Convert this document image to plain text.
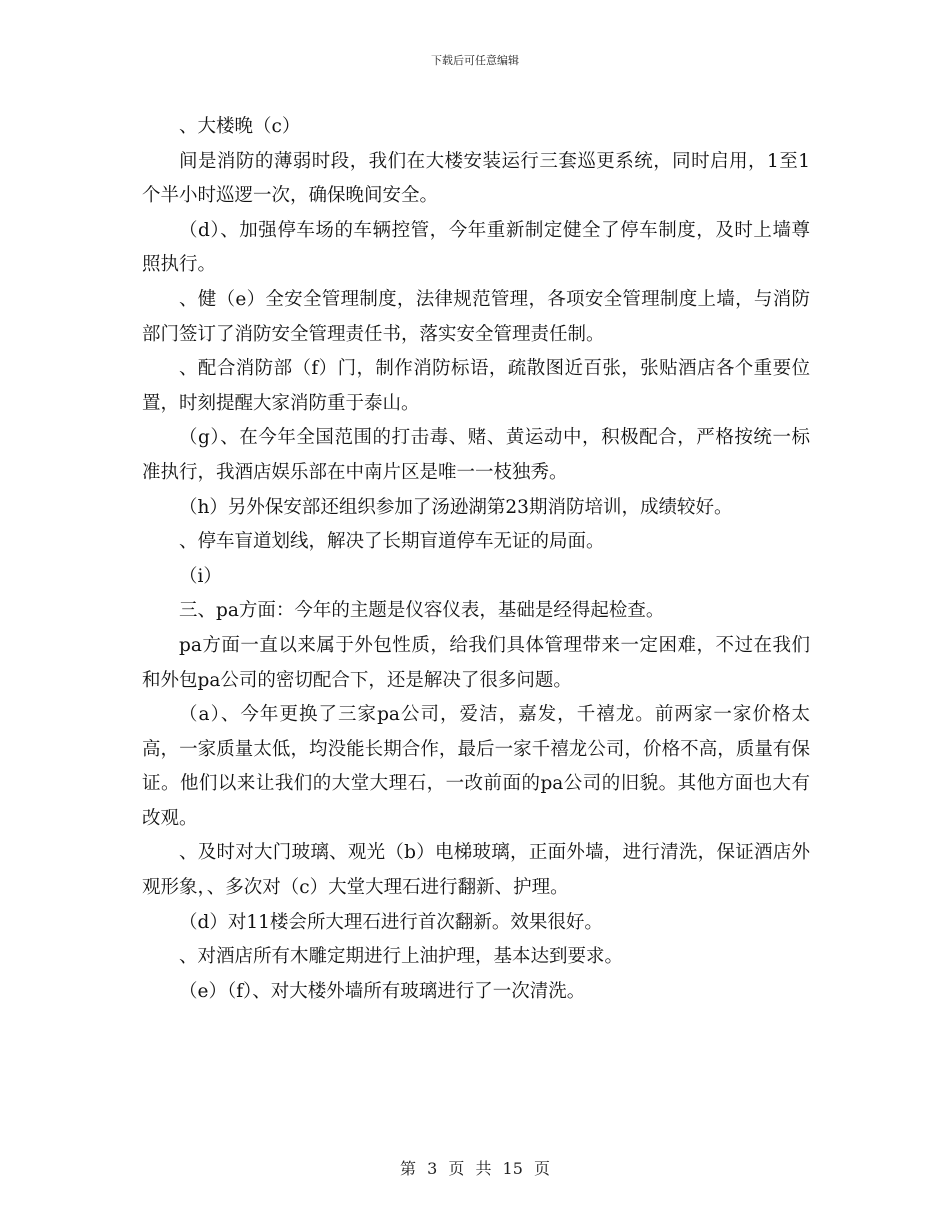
下载后可任意编辑

、大楼晚（c）

间是消防的薄弱时段，我们在大楼安装运行三套巡更系统，同时启用，1至1个半小时巡逻一次，确保晚间安全。

（d）、加强停车场的车辆控管，今年重新制定健全了停车制度，及时上墙尊照执行。

、健（e）全安全管理制度，法律规范管理，各项安全管理制度上墙，与消防部门签订了消防安全管理责任书，落实安全管理责任制。

、配合消防部（f）门，制作消防标语，疏散图近百张，张贴酒店各个重要位置，时刻提醒大家消防重于泰山。

（g）、在今年全国范围的打击毒、赌、黄运动中，积极配合，严格按统一标准执行，我酒店娱乐部在中南片区是唯一一枝独秀。

（h）另外保安部还组织参加了汤逊湖第23期消防培训，成绩较好。

、停车盲道划线，解决了长期盲道停车无证的局面。

（i）

三、pa方面：今年的主题是仪容仪表，基础是经得起检查。

pa方面一直以来属于外包性质，给我们具体管理带来一定困难，不过在我们和外包pa公司的密切配合下，还是解决了很多问题。

（a）、今年更换了三家pa公司，爱洁，嘉发，千禧龙。前两家一家价格太高，一家质量太低，均没能长期合作，最后一家千禧龙公司，价格不高，质量有保证。他们以来让我们的大堂大理石，一改前面的pa公司的旧貌。其他方面也大有改观。

、及时对大门玻璃、观光（b）电梯玻璃，正面外墙，进行清洗，保证酒店外观形象，、多次对（c）大堂大理石进行翻新、护理。

（d）对11楼会所大理石进行首次翻新。效果很好。

、对酒店所有木雕定期进行上油护理，基本达到要求。

（e）（f）、对大楼外墙所有玻璃进行了一次清洗。

第 3 页 共 15 页
